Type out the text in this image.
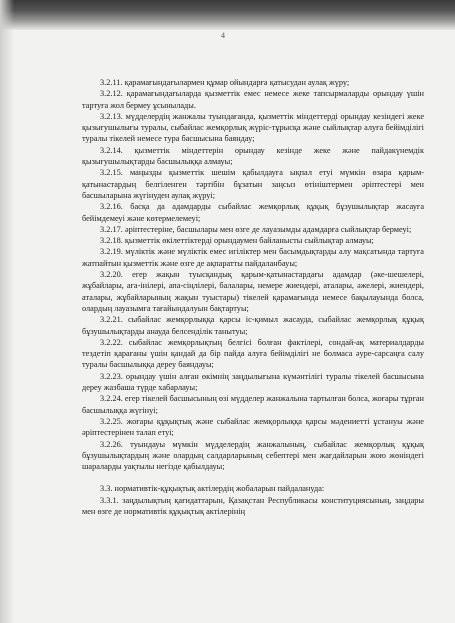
4

3.2.11. қарамағындағылармен құмар ойындарға қатысудан аулақ жүру;

3.2.12. қарамағындағыларда қызметтік емес немесе жеке тапсырмаларды орындау үшін тартуға жол бермеу ұсынылады.

3.2.13. мүдделердің жанжалы туындағанда, қызметтік міндеттерді орындау кезіндегі жеке қызығушылығы туралы, сыбайлас жемқорлық жүріс-тұрысқа және сыйлықтар алуға бейімділігі туралы тікелей немесе тура басшысына баяндау;

3.2.14. қызметтік міндеттерін орындау кезінде жеке және пайдакүнемдік қызығушылықтарды басшылыққа алмауы;

3.2.15. маңызды қызметтік шешім қабылдауға ықпал етуі мүмкін өзара қарым-қатынастардың белгіленген тәртібін бұзатын заңсыз өтініштермен әріптестері мен басшыларына жүгінуден аулақ жүруі;

3.2.16. басқа да адамдарды сыбайлас жемқорлық құқық бұзушылықтар жасауға бейімдемеуі және көтермелемеуі;

3.2.17. әріптестеріне, басшылары мен өзге де лауазымды адамдарға сыйлықтар бермеуі;

3.2.18. қызметтік өкілеттіктерді орындаумен байланысты сыйлықтар алмауы;

3.2.19. мүліктік және мүліктік емес игіліктер мен басымдықтарды алу мақсатында тартуға жатпайтын қызметтік және өзге де ақпаратты пайдаланбауы;

3.2.20. егер жақын туысқандық қарым-қатынастардағы адамдар (әке-шешелері, жұбайлары, аға-інілері, апа-сіңлілері, балалары, немере жиендері, аталары, әжелері, жиендері, аталары, жұбайларының жақын туыстары) тікелей қарамағында немесе бақылауында болса, олардың лауазымға тағайындалуын бақтартуы;

3.2.21. сыбайлас жемқорлыққа қарсы іс-қимыл жасауда, сыбайлас жемқорлық құқық бұзушылықтарды анауда белсенділік танытуы;

3.2.22. сыбайлас жемқорлықтың белгісі болған фактілері, сондай-ақ материалдарды тездетіп қарағаны үшін қандай да бір пайда алуға бейімділігі не болмаса әуре-сарсаңға салу туралы басшылыққа дереу баяндауы;

3.2.23. орындау үшін алған өкімнің заңдылығына күмәнтілігі туралы тікелей басшысына дереу жазбаша түрде хабарлауы;

3.2.24. егер тікелей басшысының өзі мүдделер жанжалына тартылған болса, жоғары тұрған басшылыққа жүгінуі;

3.2.25. жоғары құқықтық және сыбайлас жемқорлыққа қарсы мәдениетті ұстануы және әріптестерінен талап етуі;

3.2.26. туындауы мүмкін мүдделердің жанжалының, сыбайлас жемқорлық құқық бұзушылықтардың және олардың салдарларының себептері мен жағдайларын жою жөніндегі шараларды уақтылы негізде қабылдауы;

3.3. нормативтік-құқықтық актілердің жобаларын пайдалануда:

3.3.1. заңдылықтың қағидаттарын, Қазақстан Республикасы конституциясының, заңдары мен өзге де нормативтік құқықтық актілерінің
